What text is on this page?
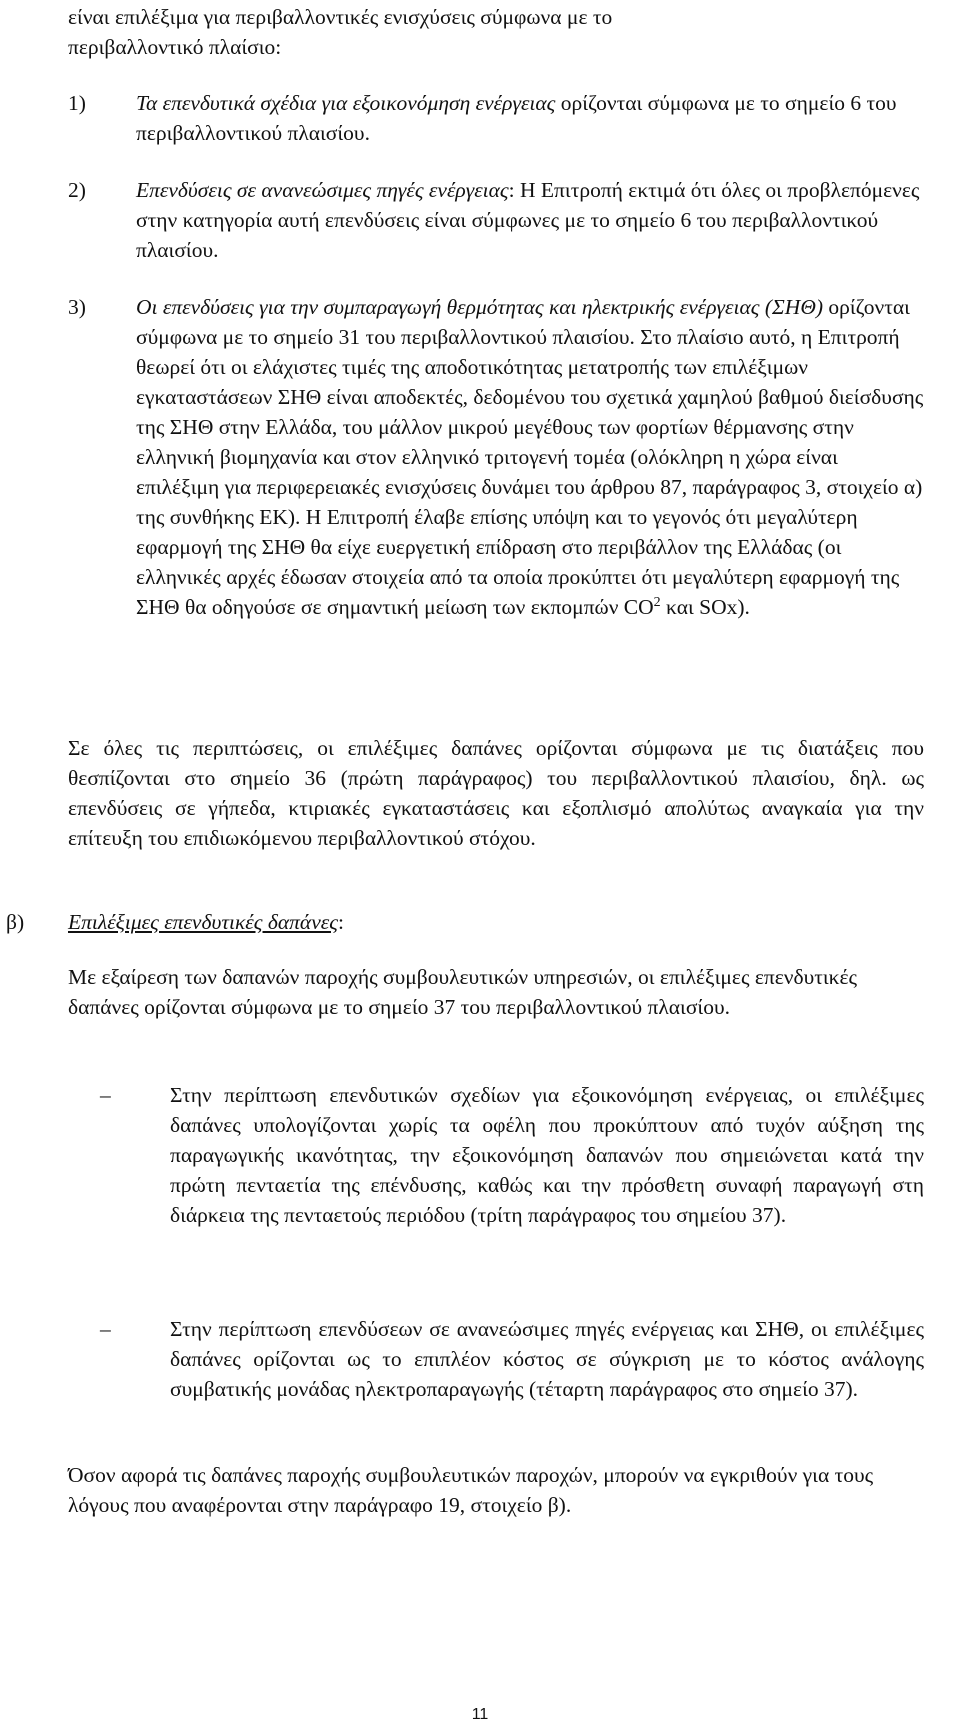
είναι επιλέξιμα για περιβαλλοντικές ενισχύσεις σύμφωνα με το
περιβαλλοντικό πλαίσιο:

1) Τα επενδυτικά σχέδια για εξοικονόμηση ενέργειας ορίζονται σύμφωνα με το σημείο 6 του περιβαλλοντικού πλαισίου.
2) Επενδύσεις σε ανανεώσιμες πηγές ενέργειας: Η Επιτροπή εκτιμά ότι όλες οι προβλεπόμενες στην κατηγορία αυτή επενδύσεις είναι σύμφωνες με το σημείο 6 του περιβαλλοντικού πλαισίου.
3) Οι επενδύσεις για την συμπαραγωγή θερμότητας και ηλεκτρικής ενέργειας (ΣΗΘ) ορίζονται σύμφωνα με το σημείο 31 του περιβαλλοντικού πλαισίου. Στο πλαίσιο αυτό, η Επιτροπή θεωρεί ότι οι ελάχιστες τιμές της αποδοτικότητας μετατροπής των επιλέξιμων εγκαταστάσεων ΣΗΘ είναι αποδεκτές, δεδομένου του σχετικά χαμηλού βαθμού διείσδυσης της ΣΗΘ στην Ελλάδα, του μάλλον μικρού μεγέθους των φορτίων θέρμανσης στην ελληνική βιομηχανία και στον ελληνικό τριτογενή τομέα (ολόκληρη η χώρα είναι επιλέξιμη για περιφερειακές ενισχύσεις δυνάμει του άρθρου 87, παράγραφος 3, στοιχείο α) της συνθήκης ΕΚ). Η Επιτροπή έλαβε επίσης υπόψη και το γεγονός ότι μεγαλύτερη εφαρμογή της ΣΗΘ θα είχε ευεργετική επίδραση στο περιβάλλον της Ελλάδας (οι ελληνικές αρχές έδωσαν στοιχεία από τα οποία προκύπτει ότι μεγαλύτερη εφαρμογή της ΣΗΘ θα οδηγούσε σε σημαντική μείωση των εκπομπών $CO^2$ και SOx).

Σε όλες τις περιπτώσεις, οι επιλέξιμες δαπάνες ορίζονται σύμφωνα με τις διατάξεις που θεσπίζονται στο σημείο 36 (πρώτη παράγραφος) του περιβαλλοντικού πλαισίου, δηλ. ως επενδύσεις σε γήπεδα, κτιριακές εγκαταστάσεις και εξοπλισμό απολύτως αναγκαία για την επίτευξη του επιδιωκόμενου περιβαλλοντικού στόχου.

β) Επιλέξιμες επενδυτικές δαπάνες:

Με εξαίρεση των δαπανών παροχής συμβουλευτικών υπηρεσιών, οι επιλέξιμες επενδυτικές δαπάνες ορίζονται σύμφωνα με το σημείο 37 του περιβαλλοντικού πλαισίου.

–	Στην περίπτωση επενδυτικών σχεδίων για εξοικονόμηση ενέργειας, οι επιλέξιμες δαπάνες υπολογίζονται χωρίς τα οφέλη που προκύπτουν από τυχόν αύξηση της παραγωγικής ικανότητας, την εξοικονόμηση δαπανών που σημειώνεται κατά την πρώτη πενταετία της επένδυσης, καθώς και την πρόσθετη συναφή παραγωγή στη διάρκεια της πενταετούς περιόδου (τρίτη παράγραφος του σημείου 37).
–	Στην περίπτωση επενδύσεων σε ανανεώσιμες πηγές ενέργειας και ΣΗΘ, οι επιλέξιμες δαπάνες ορίζονται ως το επιπλέον κόστος σε σύγκριση με το κόστος ανάλογης συμβατικής μονάδας ηλεκτροπαραγωγής (τέταρτη παράγραφος στο σημείο 37).

Όσον αφορά τις δαπάνες παροχής συμβουλευτικών παροχών, μπορούν να εγκριθούν για τους λόγους που αναφέρονται στην παράγραφο 19, στοιχείο β).

11
